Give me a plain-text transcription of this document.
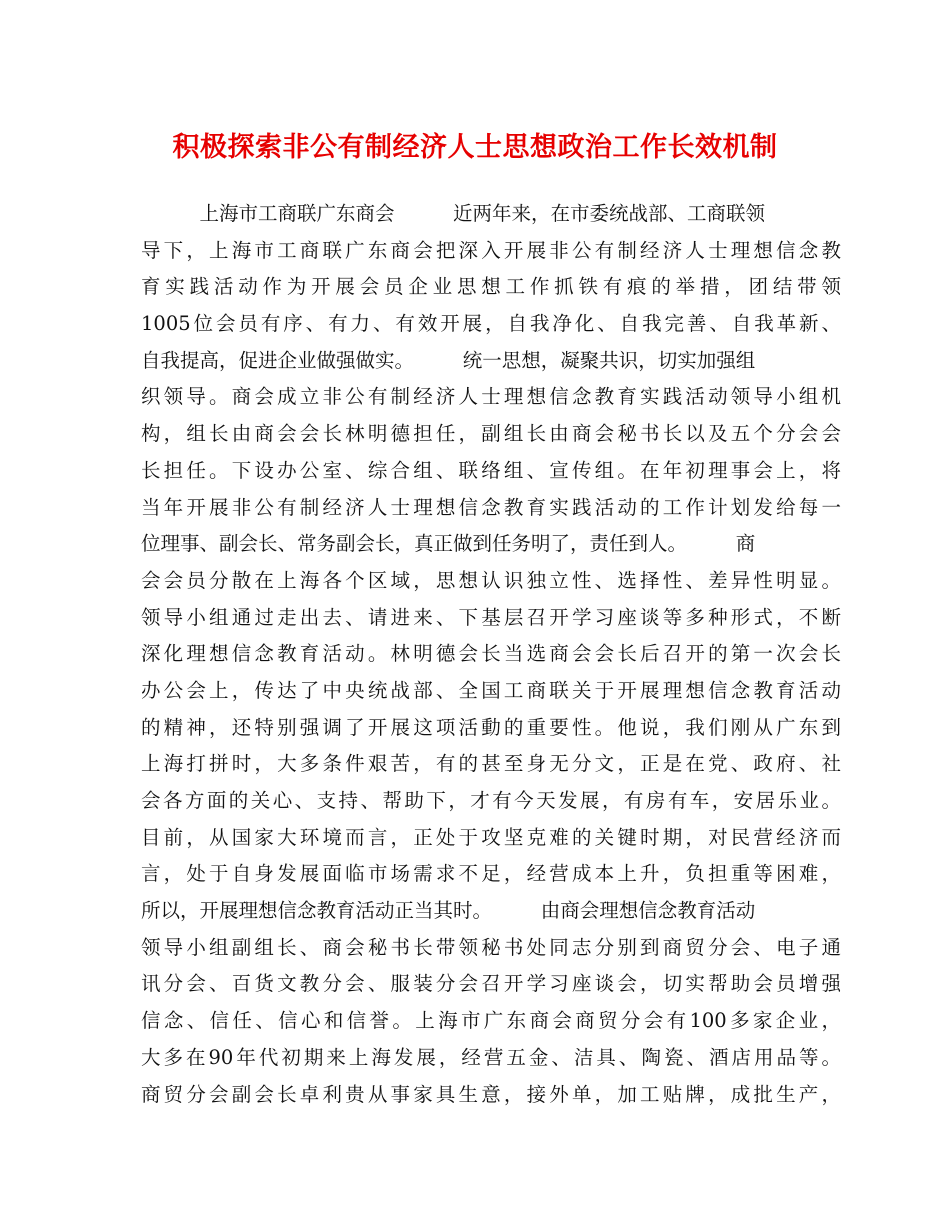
积极探索非公有制经济人士思想政治工作长效机制
　　　上海市工商联广东商会　　　近两年来，在市委统战部、工商联领
导下，上海市工商联广东商会把深入开展非公有制经济人士理想信念教
育实践活动作为开展会员企业思想工作抓铁有痕的举措，团结带领
1005位会员有序、有力、有效开展，自我净化、自我完善、自我革新、
自我提高，促进企业做强做实。　　　统一思想，凝聚共识，切实加强组
织领导。商会成立非公有制经济人士理想信念教育实践活动领导小组机
构，组长由商会会长林明德担任，副组长由商会秘书长以及五个分会会
长担任。下设办公室、综合组、联络组、宣传组。在年初理事会上，将
当年开展非公有制经济人士理想信念教育实践活动的工作计划发给每一
位理事、副会长、常务副会长，真正做到任务明了，责任到人。　　　商
会会员分散在上海各个区域，思想认识独立性、选择性、差异性明显。
领导小组通过走出去、请进来、下基层召开学习座谈等多种形式，不断
深化理想信念教育活动。林明德会长当选商会会长后召开的第一次会长
办公会上，传达了中央统战部、全国工商联关于开展理想信念教育活动
的精神，还特别强调了开展这项活動的重要性。他说，我们刚从广东到
上海打拼时，大多条件艰苦，有的甚至身无分文，正是在党、政府、社
会各方面的关心、支持、帮助下，才有今天发展，有房有车，安居乐业。
目前，从国家大环境而言，正处于攻坚克难的关键时期，对民营经济而
言，处于自身发展面临市场需求不足，经营成本上升，负担重等困难，
所以，开展理想信念教育活动正当其时。　　　由商会理想信念教育活动
领导小组副组长、商会秘书长带领秘书处同志分别到商贸分会、电子通
讯分会、百货文教分会、服装分会召开学习座谈会，切实帮助会员增强
信念、信任、信心和信誉。上海市广东商会商贸分会有100多家企业，
大多在90年代初期来上海发展，经营五金、洁具、陶瓷、酒店用品等。
商贸分会副会长卓利贵从事家具生意，接外单，加工贴牌，成批生产，
